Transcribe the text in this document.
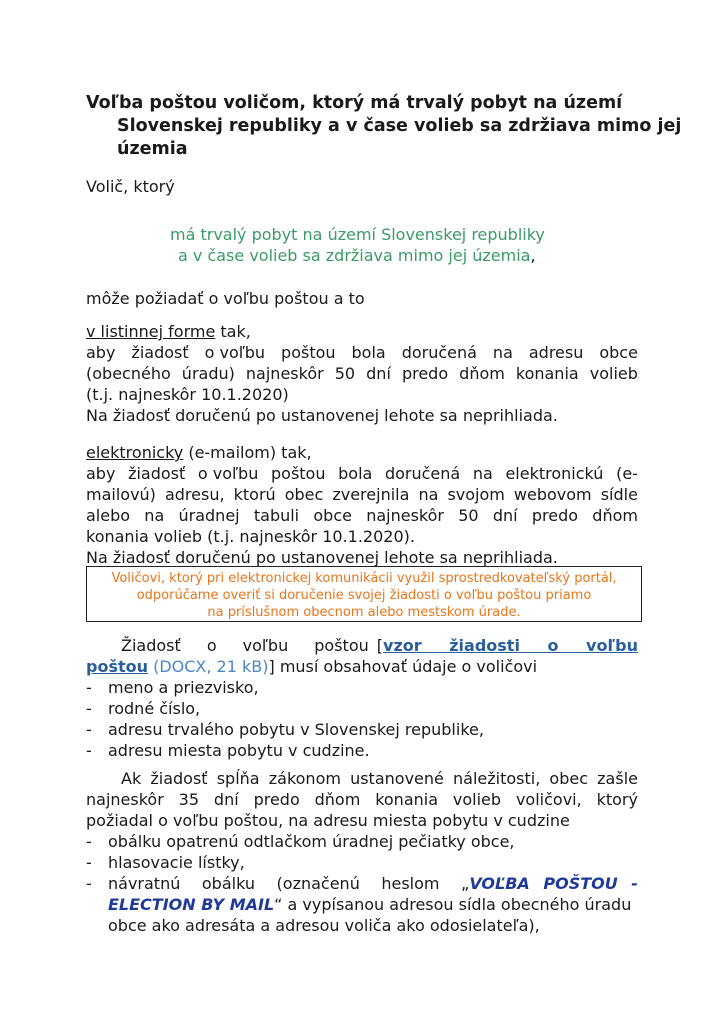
Voľba poštou voličom, ktorý má trvalý pobyt na území
Slovenskej republiky a v čase volieb sa zdržiava mimo jej
územia
Volič, ktorý
má trvalý pobyt na území Slovenskej republiky
a v čase volieb sa zdržiava mimo jej územia,
môže požiadať o voľbu poštou a to
v listinnej forme tak,
aby žiadosť o voľbu poštou bola doručená na adresu obce
(obecného úradu) najneskôr 50 dní predo dňom konania volieb
(t.j. najneskôr 10.1.2020)
Na žiadosť doručenú po ustanovenej lehote sa neprihliada.
elektronicky (e-mailom) tak,
aby žiadosť o voľbu poštou bola doručená na elektronickú (e-
mailovú) adresu, ktorú obec zverejnila na svojom webovom sídle
alebo na úradnej tabuli obce najneskôr 50 dní predo dňom
konania volieb (t.j. najneskôr 10.1.2020).
Na žiadosť doručenú po ustanovenej lehote sa neprihliada.
Voličovi, ktorý pri elektronickej komunikácii využil sprostredkovateľský portál,
odporúčame overiť si doručenie svojej žiadosti o voľbu poštou priamo
na príslušnom obecnom alebo mestskom úrade.
Žiadosť o voľbu poštou [ vzor žiadosti o voľbu
poštou (DOCX, 21 kB)] musí obsahovať údaje o voličovi
- meno a priezvisko,
- rodné číslo,
- adresu trvalého pobytu v Slovenskej republike,
- adresu miesta pobytu v cudzine.
Ak žiadosť spĺňa zákonom ustanovené náležitosti, obec zašle
najneskôr 35 dní predo dňom konania volieb voličovi, ktorý
požiadal o voľbu poštou, na adresu miesta pobytu v cudzine
- obálku opatrenú odtlačkom úradnej pečiatky obce,
- hlasovacie lístky,
-	návratnú obálku (označenú heslom „VOĽBA POŠTOU -
ELECTION BY MAIL“ a vypísanou adresou sídla obecného úradu
obce ako adresáta a adresou voliča ako odosielateľa),
